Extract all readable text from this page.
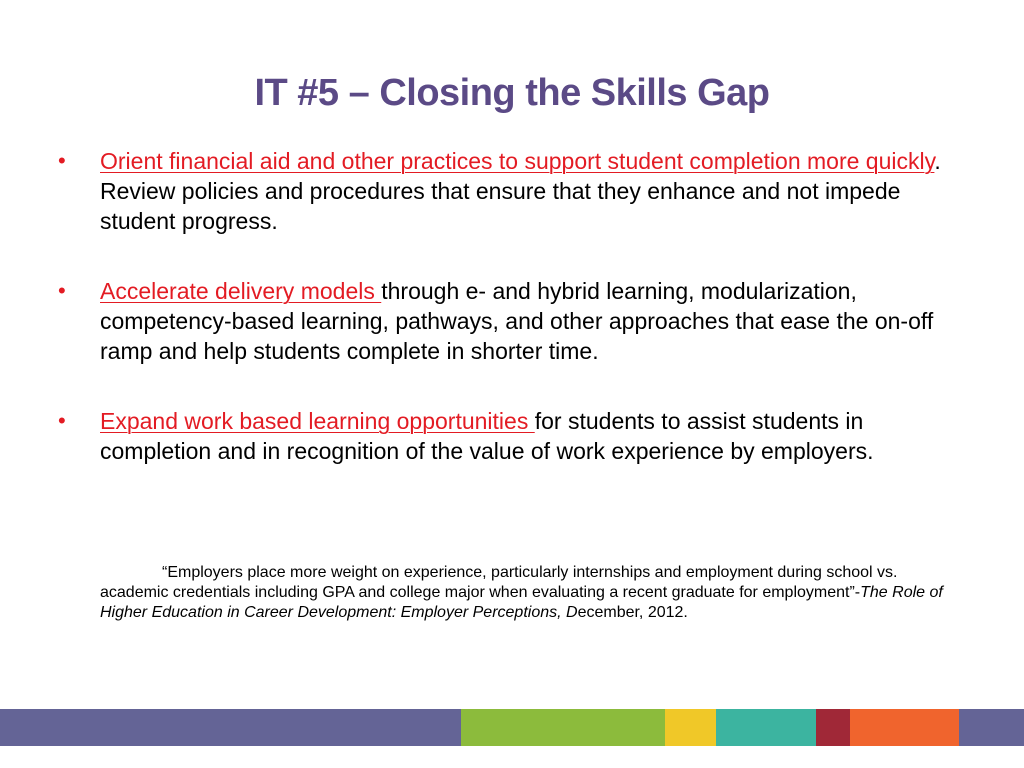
IT #5 – Closing the Skills Gap
• Orient financial aid and other practices to support student completion more quickly. Review policies and procedures that ensure that they enhance and not impede student progress.
• Accelerate delivery models through e- and hybrid learning, modularization, competency-based learning, pathways, and other approaches that ease the on-off ramp and help students complete in shorter time.
• Expand work based learning opportunities for students to assist students in completion and in recognition of the value of work experience by employers.
“Employers place more weight on experience, particularly internships and employment during school vs. academic credentials including GPA and college major when evaluating a recent graduate for employment”-The Role of Higher Education in Career Development: Employer Perceptions, December, 2012.
